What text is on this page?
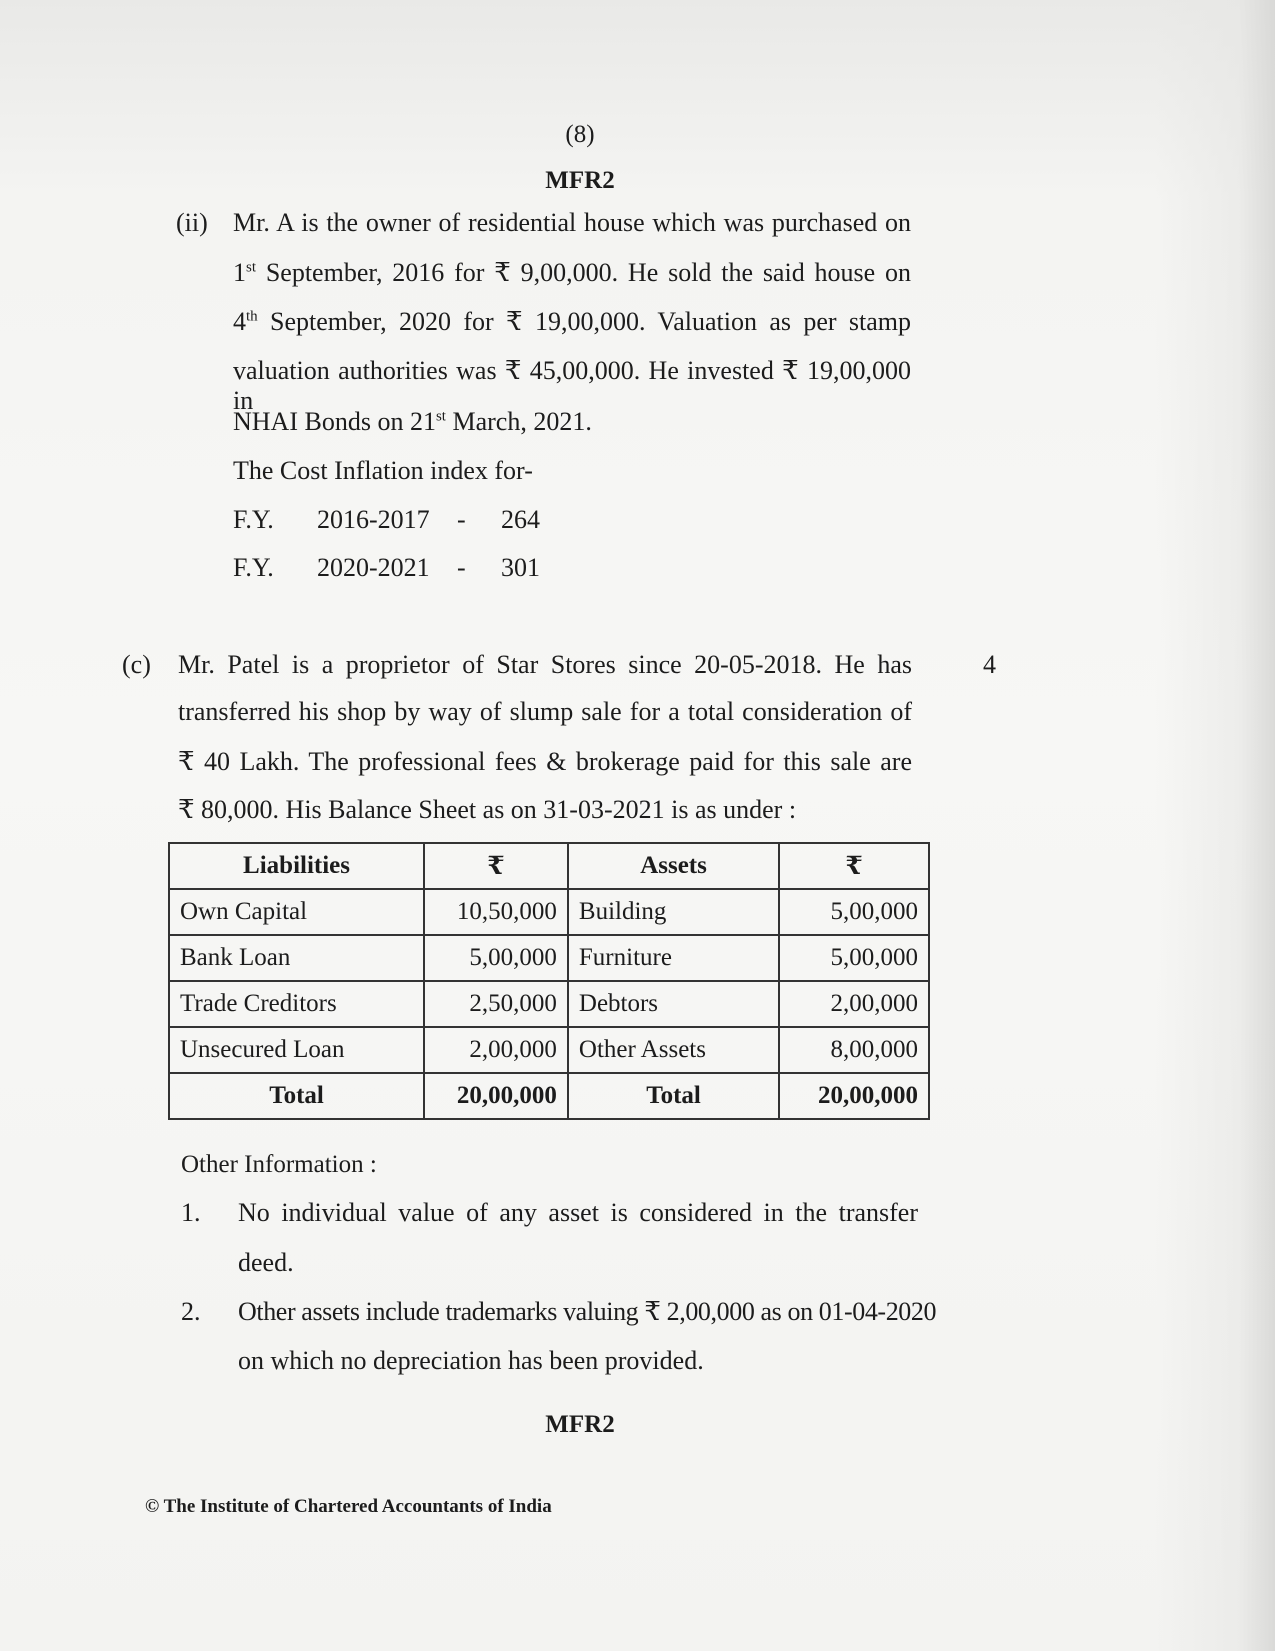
(8)
MFR2
(ii) Mr. A is the owner of residential house which was purchased on
1st September, 2016 for ₹ 9,00,000. He sold the said house on
4th September, 2020 for ₹ 19,00,000. Valuation as per stamp
valuation authorities was ₹ 45,00,000. He invested ₹ 19,00,000 in
NHAI Bonds on 21st March, 2021.
The Cost Inflation index for-
F.Y. 2016-2017 - 264
F.Y. 2020-2021 - 301
(c)	4
Mr. Patel is a proprietor of Star Stores since 20-05-2018. He has
transferred his shop by way of slump sale for a total consideration of
₹ 40 Lakh. The professional fees & brokerage paid for this sale are
₹ 80,000. His Balance Sheet as on 31-03-2021 is as under :
Liabilities	₹	Assets	₹
Own Capital	10,50,000	Building	5,00,000
Bank Loan	5,00,000	Furniture	5,00,000
Trade Creditors	2,50,000	Debtors	2,00,000
Unsecured Loan	2,00,000	Other Assets	8,00,000
Total	20,00,000	Total	20,00,000
Other Information :
1. No individual value of any asset is considered in the transfer
deed.
2. Other assets include trademarks valuing ₹ 2,00,000 as on 01-04-2020
on which no depreciation has been provided.
MFR2
© The Institute of Chartered Accountants of India
